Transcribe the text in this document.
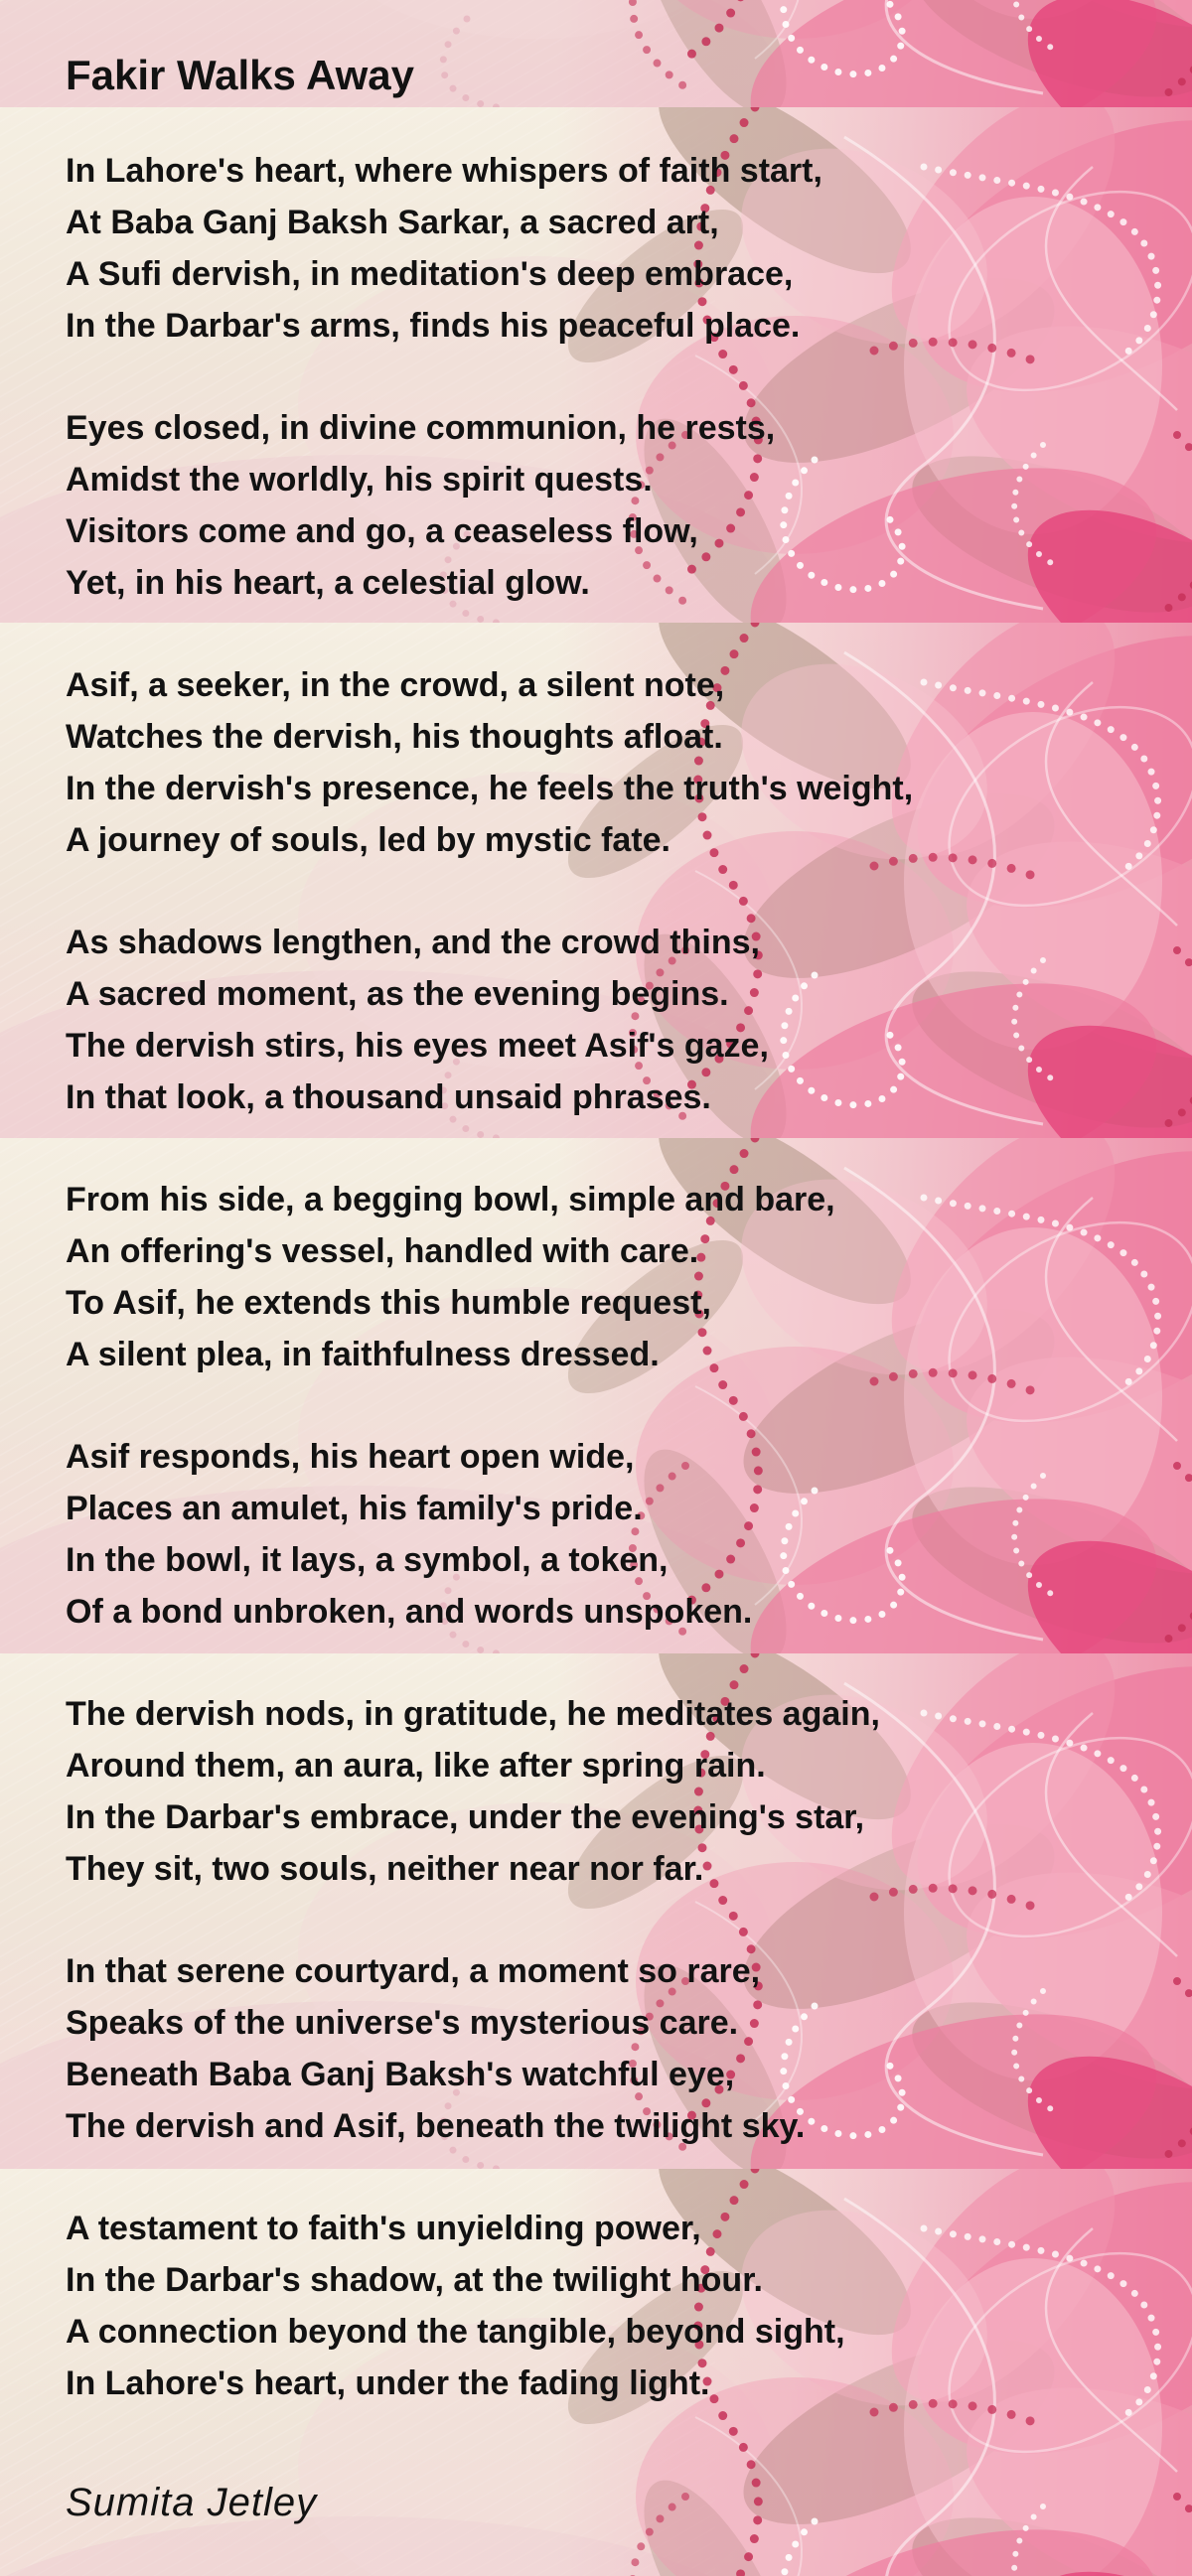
Fakir Walks Away
In Lahore's heart, where whispers of faith start,
At Baba Ganj Baksh Sarkar, a sacred art,
A Sufi dervish, in meditation's deep embrace,
In the Darbar's arms, finds his peaceful place.
Eyes closed, in divine communion, he rests,
Amidst the worldly, his spirit quests.
Visitors come and go, a ceaseless flow,
Yet, in his heart, a celestial glow.
Asif, a seeker, in the crowd, a silent note,
Watches the dervish, his thoughts afloat.
In the dervish's presence, he feels the truth's weight,
A journey of souls, led by mystic fate.
As shadows lengthen, and the crowd thins,
A sacred moment, as the evening begins.
The dervish stirs, his eyes meet Asif's gaze,
In that look, a thousand unsaid phrases.
From his side, a begging bowl, simple and bare,
An offering's vessel, handled with care.
To Asif, he extends this humble request,
A silent plea, in faithfulness dressed.
Asif responds, his heart open wide,
Places an amulet, his family's pride.
In the bowl, it lays, a symbol, a token,
Of a bond unbroken, and words unspoken.
The dervish nods, in gratitude, he meditates again,
Around them, an aura, like after spring rain.
In the Darbar's embrace, under the evening's star,
They sit, two souls, neither near nor far.
In that serene courtyard, a moment so rare,
Speaks of the universe's mysterious care.
Beneath Baba Ganj Baksh's watchful eye,
The dervish and Asif, beneath the twilight sky.
A testament to faith's unyielding power,
In the Darbar's shadow, at the twilight hour.
A connection beyond the tangible, beyond sight,
In Lahore's heart, under the fading light.
Sumita Jetley
